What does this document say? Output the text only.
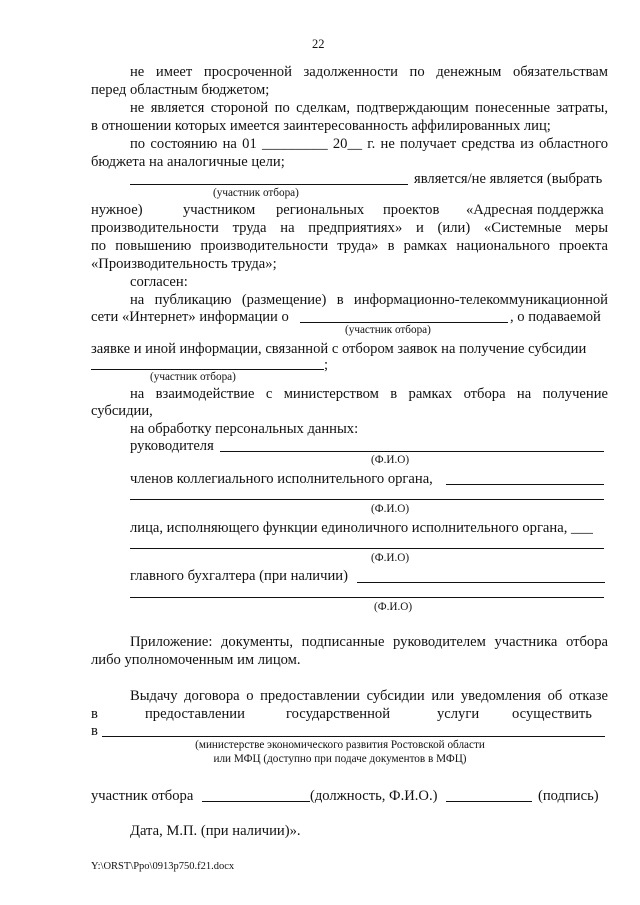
22
не имеет просроченной задолженности по денежным обязательствам
перед областным бюджетом;
не является стороной по сделкам, подтверждающим понесенные затраты,
в отношении которых имеется заинтересованность аффилированных лиц;
по состоянию на 01 _________ 20__ г. не получает средства из областного
бюджета на аналогичные цели;
являeтся/не является (выбрать
(участник отбора)
нужное)	участником региональных проектов «Адресная поддержка
производительности труда на предприятиях» и (или) «Системные меры
по повышению производительности труда» в рамках национального проекта
«Производительность труда»;
согласен:
на публикацию (размещение) в информационно-телекоммуникационной
сети «Интернет» информации о	, о подаваемой
(участник отбора)
заявке и иной информации, связанной с отбором заявок на получение субсидии
;
(участник отбора)
на взаимодействие с министерством в рамках отбора на получение
субсидии,
на обработку персональных данных:
руководителя
(Ф.И.О)
членов коллегиального исполнительного органа,
(Ф.И.О)
лица, исполняющего функции единоличного исполнительного органа, ___
(Ф.И.О)
главного бухгалтера (при наличии)
(Ф.И.О)
Приложение: документы, подписанные руководителем участника отбора
либо уполномоченным им лицом.
Выдачу договора о предоставлении субсидии или уведомления об отказе
в	предоставлении	государственной	услуги осуществить
в
(министерстве экономического развития Ростовской области
или МФЦ (доступно при подаче документов в МФЦ)
участник отбора	(должность, Ф.И.О.)	(подпись)
Дата, М.П. (при наличии)».
Y:\ORST\Ppo\0913p750.f21.docx
